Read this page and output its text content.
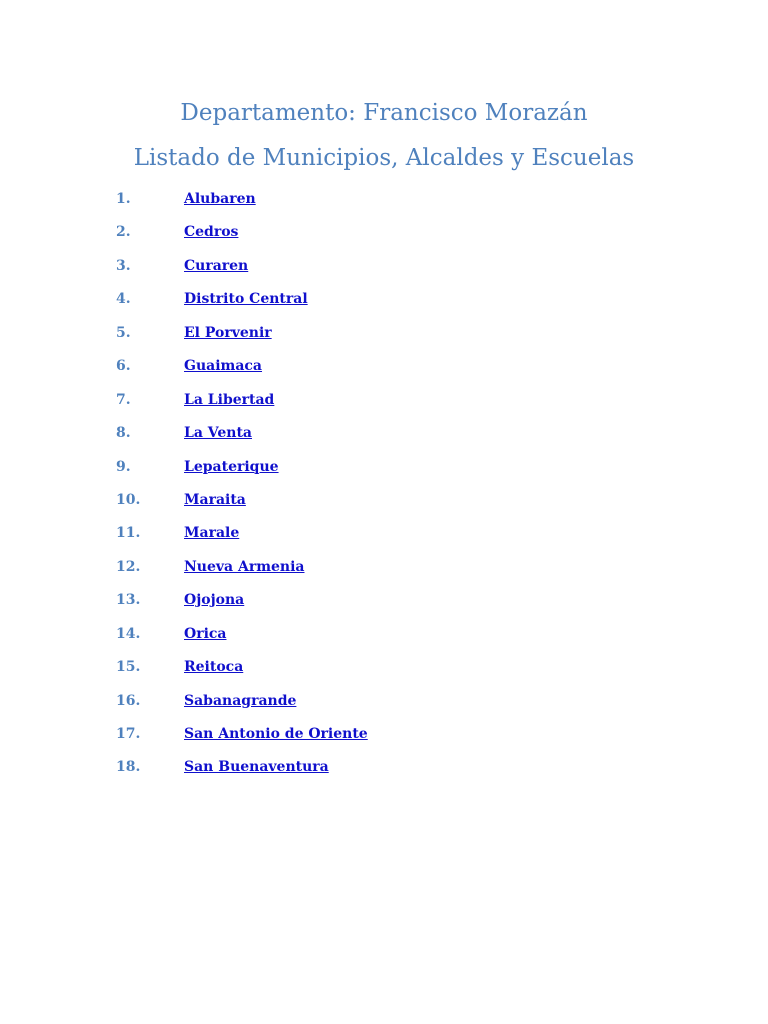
Departamento: Francisco Morazán
Listado de Municipios, Alcaldes y Escuelas
1.	Alubaren
2.	Cedros
3.	Curaren
4.	Distrito Central
5.	El Porvenir
6.	Guaimaca
7.	La Libertad
8.	La Venta
9.	Lepaterique
10.	Maraita
11.	Marale
12.	Nueva Armenia
13.	Ojojona
14.	Orica
15.	Reitoca
16.	Sabanagrande
17.	San Antonio de Oriente
18.	San Buenaventura
